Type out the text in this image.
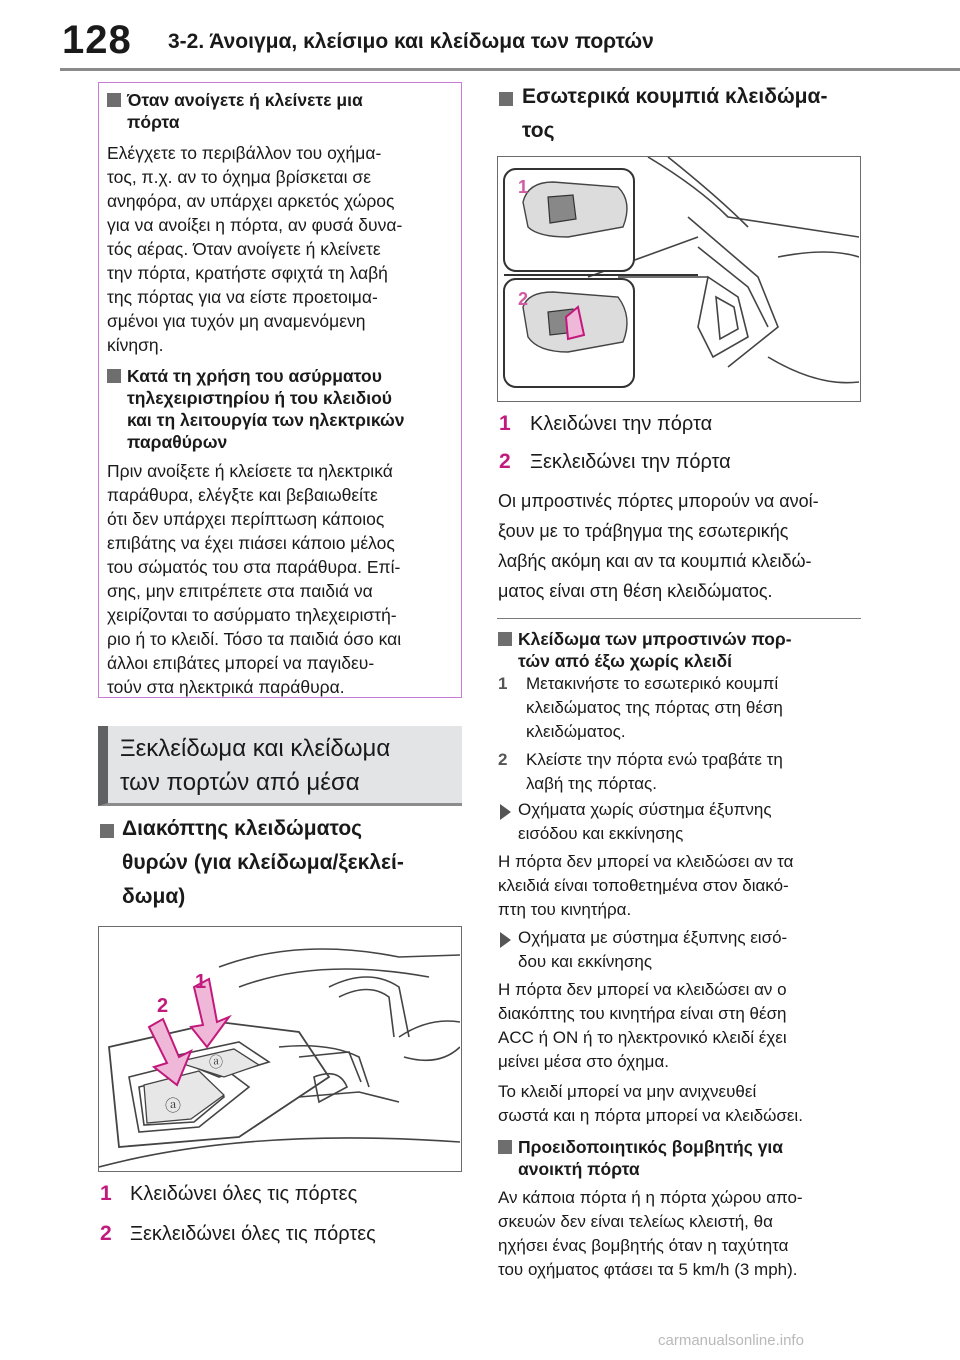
128 3-2. Άνοιγμα, κλείσιμο και κλείδωμα των πορτών
Όταν ανοίγετε ή κλείνετε μια
πόρτα
Ελέγχετε το περιβάλλον του οχήμα-
τος, π.χ. αν το όχημα βρίσκεται σε
ανηφόρα, αν υπάρχει αρκετός χώρος
για να ανοίξει η πόρτα, αν φυσά δυνα-
τός αέρας. Όταν ανοίγετε ή κλείνετε
την πόρτα, κρατήστε σφιχτά τη λαβή
της πόρτας για να είστε προετοιμα-
σμένοι για τυχόν μη αναμενόμενη
κίνηση.
Κατά τη χρήση του ασύρματου
τηλεχειριστηρίου ή του κλειδιού
και τη λειτουργία των ηλεκτρικών
παραθύρων
Πριν ανοίξετε ή κλείσετε τα ηλεκτρικά
παράθυρα, ελέγξτε και βεβαιωθείτε
ότι δεν υπάρχει περίπτωση κάποιος
επιβάτης να έχει πιάσει κάποιο μέλος
του σώματός του στα παράθυρα. Επί-
σης, μην επιτρέπετε στα παιδιά να
χειρίζονται το ασύρματο τηλεχειριστή-
ριο ή το κλειδί. Τόσο τα παιδιά όσο και
άλλοι επιβάτες μπορεί να παγιδευ-
τούν στα ηλεκτρικά παράθυρα.
Ξεκλείδωμα και κλείδωμα
των πορτών από μέσα
Διακόπτης κλειδώματος
θυρών (για κλείδωμα/ξεκλεί-
δωμα)
ⓐ
ⓐ
1
2
1 Κλειδώνει όλες τις πόρτες
2 Ξεκλειδώνει όλες τις πόρτες
Εσωτερικά κουμπιά κλειδώμα-
τος
1
2
1 Κλειδώνει την πόρτα
2 Ξεκλειδώνει την πόρτα
Οι μπροστινές πόρτες μπορούν να ανοί-
ξουν με το τράβηγμα της εσωτερικής
λαβής ακόμη και αν τα κουμπιά κλειδώ-
ματος είναι στη θέση κλειδώματος.
Κλείδωμα των μπροστινών πορ-
τών από έξω χωρίς κλειδί
1 Μετακινήστε το εσωτερικό κουμπί
κλειδώματος της πόρτας στη θέση
κλειδώματος.
2 Κλείστε την πόρτα ενώ τραβάτε τη
λαβή της πόρτας.
Οχήματα χωρίς σύστημα έξυπνης
εισόδου και εκκίνησης
Η πόρτα δεν μπορεί να κλειδώσει αν τα
κλειδιά είναι τοποθετημένα στον διακό-
πτη του κινητήρα.
Οχήματα με σύστημα έξυπνης εισό-
δου και εκκίνησης
Η πόρτα δεν μπορεί να κλειδώσει αν ο
διακόπτης του κινητήρα είναι στη θέση
ACC ή ON ή το ηλεκτρονικό κλειδί έχει
μείνει μέσα στο όχημα.
Το κλειδί μπορεί να μην ανιχνευθεί
σωστά και η πόρτα μπορεί να κλειδώσει.
Προειδοποιητικός βομβητής για
ανοικτή πόρτα
Αν κάποια πόρτα ή η πόρτα χώρου απο-
σκευών δεν είναι τελείως κλειστή, θα
ηχήσει ένας βομβητής όταν η ταχύτητα
του οχήματος φτάσει τα 5 km/h (3 mph).
carmanualsonline.info
